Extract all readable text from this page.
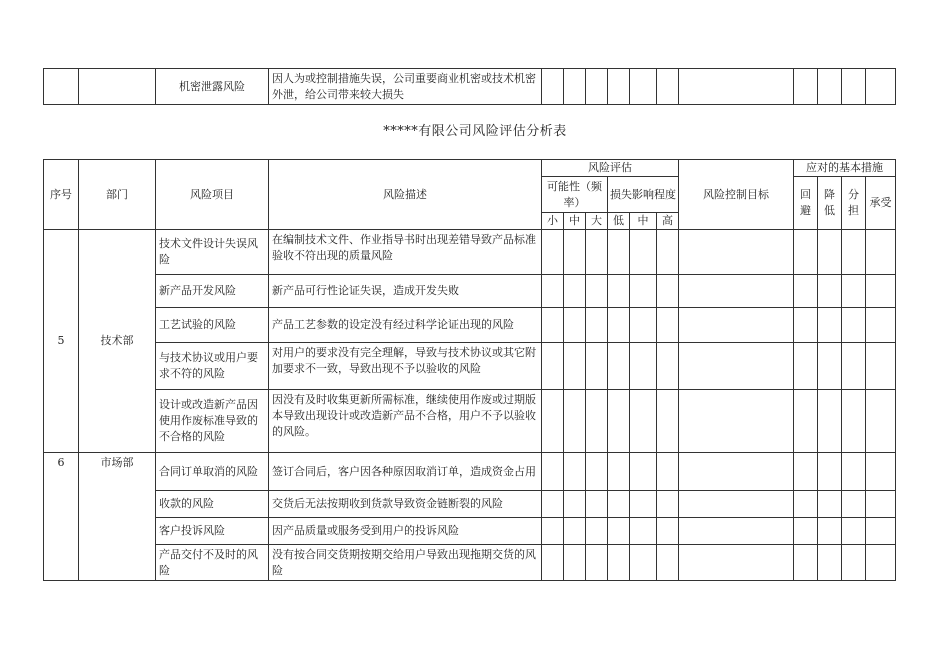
		机密泄露风险	因人为或控制措施失误，公司重要商业机密或技术机密外泄，给公司带来较大损失											
*****有限公司风险评估分析表
序号	部门	风险项目	风险描述	风险评估						风险控制目标	应对的基本措施			
				可能性（频率）			损失影响程度				回避	降低	分担	承受
				小	中	大	低	中	高					
5	技术部	技术文件设计失误风险	在编制技术文件、作业指导书时出现差错导致产品标准验收不符出现的质量风险											
		新产品开发风险	新产品可行性论证失误，造成开发失败											
		工艺试验的风险	产品工艺参数的设定没有经过科学论证出现的风险											
		与技术协议或用户要求不符的风险	对用户的要求没有完全理解，导致与技术协议或其它附加要求不一致，导致出现不予以验收的风险											
		设计或改造新产品因使用作废标准导致的不合格的风险	因没有及时收集更新所需标准，继续使用作废或过期版本导致出现设计或改造新产品不合格，用户不予以验收的风险。											
6	市场部	合同订单取消的风险	签订合同后，客户因各种原因取消订单，造成资金占用											
		收款的风险	交货后无法按期收到货款导致资金链断裂的风险											
		客户投诉风险	因产品质量或服务受到用户的投诉风险											
		产品交付不及时的风险	没有按合同交货期按期交给用户导致出现拖期交货的风险											
